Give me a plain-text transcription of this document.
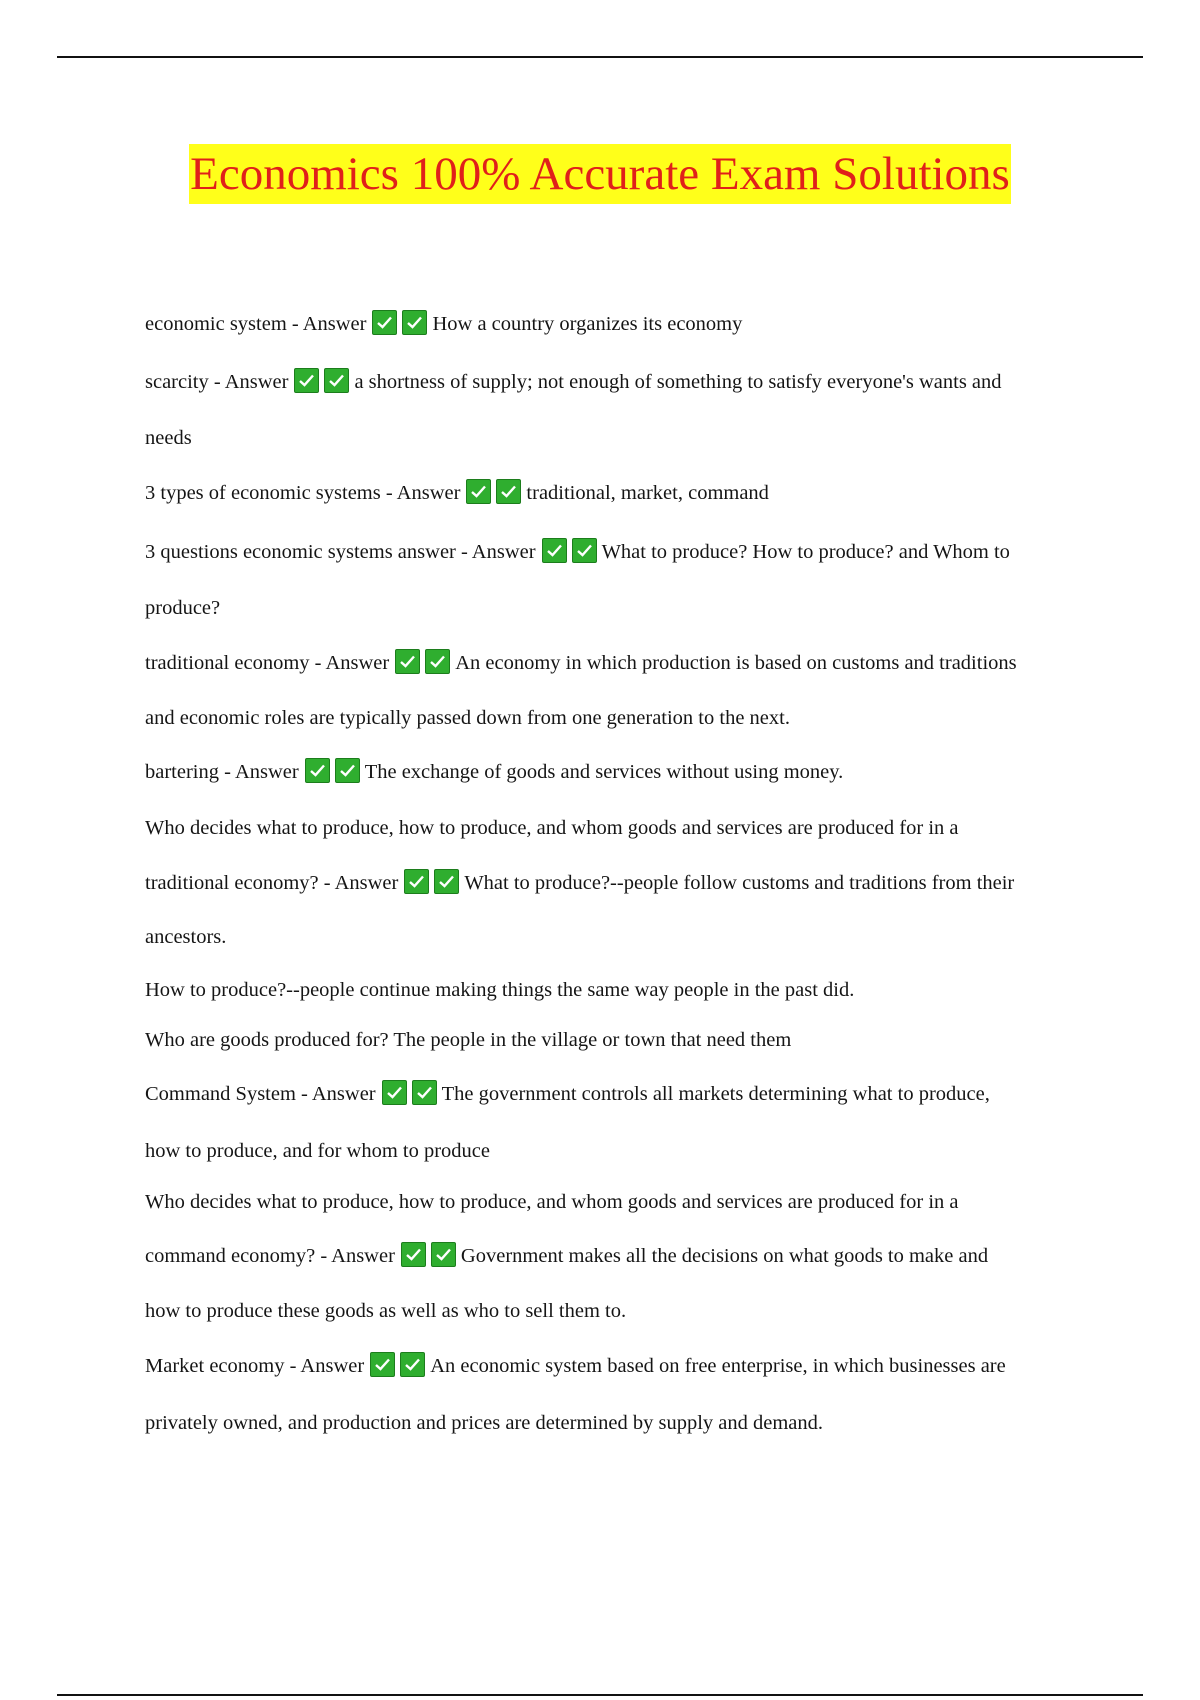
Economics 100% Accurate Exam Solutions
economic system - Answer	How a country organizes its economy
scarcity - Answer	a shortness of supply; not enough of something to satisfy everyone's wants and
needs
3 types of economic systems - Answer	traditional, market, command
3 questions economic systems answer - Answer	What to produce? How to produce? and Whom to
produce?
traditional economy - Answer	An economy in which production is based on customs and traditions
and economic roles are typically passed down from one generation to the next.
bartering - Answer	The exchange of goods and services without using money.
Who decides what to produce, how to produce, and whom goods and services are produced for in a
traditional economy? - Answer	What to produce?--people follow customs and traditions from their
ancestors.
How to produce?--people continue making things the same way people in the past did.
Who are goods produced for? The people in the village or town that need them
Command System - Answer	The government controls all markets determining what to produce,
how to produce, and for whom to produce
Who decides what to produce, how to produce, and whom goods and services are produced for in a
command economy? - Answer	Government makes all the decisions on what goods to make and
how to produce these goods as well as who to sell them to.
Market economy - Answer	An economic system based on free enterprise, in which businesses are
privately owned, and production and prices are determined by supply and demand.
